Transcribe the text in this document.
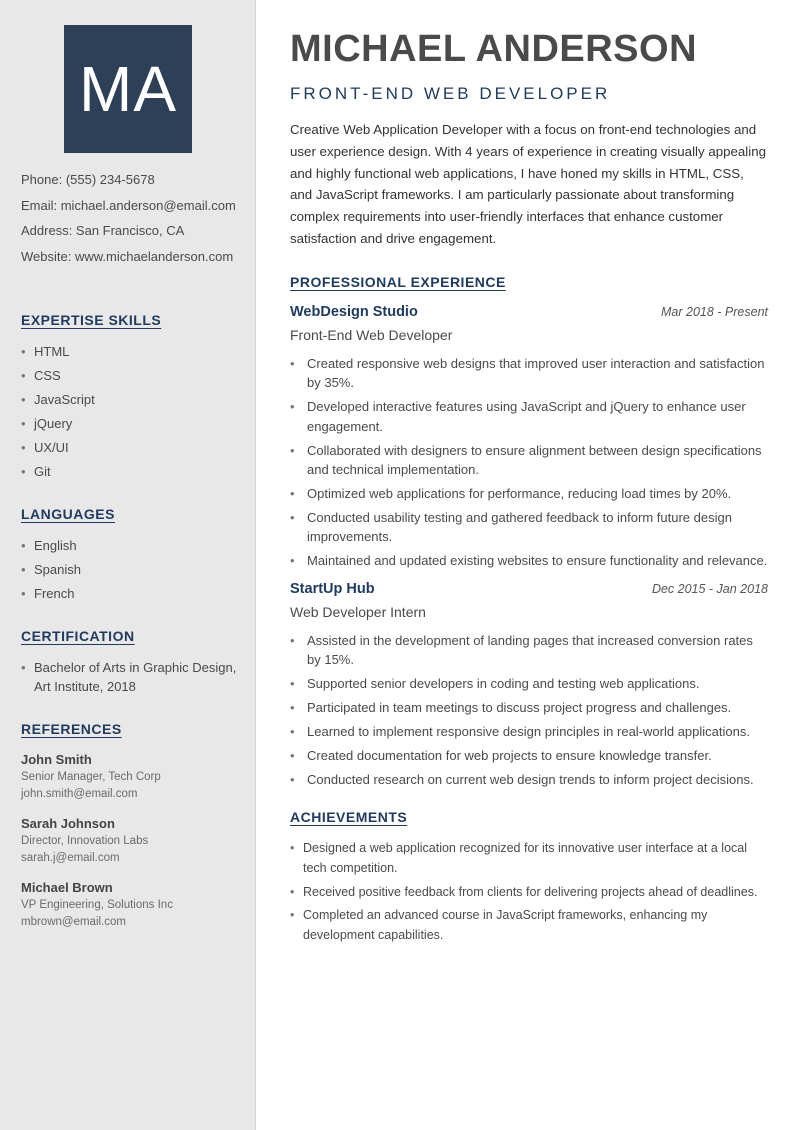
MA
Phone: (555) 234-5678
Email: michael.anderson@email.com
Address: San Francisco, CA
Website: www.michaelanderson.com
EXPERTISE SKILLS
• HTML
• CSS
• JavaScript
• jQuery
• UX/UI
• Git
LANGUAGES
• English
• Spanish
• French
CERTIFICATION
• Bachelor of Arts in Graphic Design, Art Institute, 2018
REFERENCES
John Smith
Senior Manager, Tech Corp
john.smith@email.com
Sarah Johnson
Director, Innovation Labs
sarah.j@email.com
Michael Brown
VP Engineering, Solutions Inc
mbrown@email.com
MICHAEL ANDERSON
FRONT-END WEB DEVELOPER

Creative Web Application Developer with a focus on front-end technologies and user experience design. With 4 years of experience in creating visually appealing and highly functional web applications, I have honed my skills in HTML, CSS, and JavaScript frameworks. I am particularly passionate about transforming complex requirements into user-friendly interfaces that enhance customer satisfaction and drive engagement.

PROFESSIONAL EXPERIENCE
WebDesign Studio	Mar 2018 - Present
Front-End Web Developer
• Created responsive web designs that improved user interaction and satisfaction by 35%.
• Developed interactive features using JavaScript and jQuery to enhance user engagement.
• Collaborated with designers to ensure alignment between design specifications and technical implementation.
• Optimized web applications for performance, reducing load times by 20%.
• Conducted usability testing and gathered feedback to inform future design improvements.
• Maintained and updated existing websites to ensure functionality and relevance.
StartUp Hub	Dec 2015 - Jan 2018
Web Developer Intern
• Assisted in the development of landing pages that increased conversion rates by 15%.
• Supported senior developers in coding and testing web applications.
• Participated in team meetings to discuss project progress and challenges.
• Learned to implement responsive design principles in real-world applications.
• Created documentation for web projects to ensure knowledge transfer.
• Conducted research on current web design trends to inform project decisions.
ACHIEVEMENTS
• Designed a web application recognized for its innovative user interface at a local tech competition.
• Received positive feedback from clients for delivering projects ahead of deadlines.
• Completed an advanced course in JavaScript frameworks, enhancing my development capabilities.
